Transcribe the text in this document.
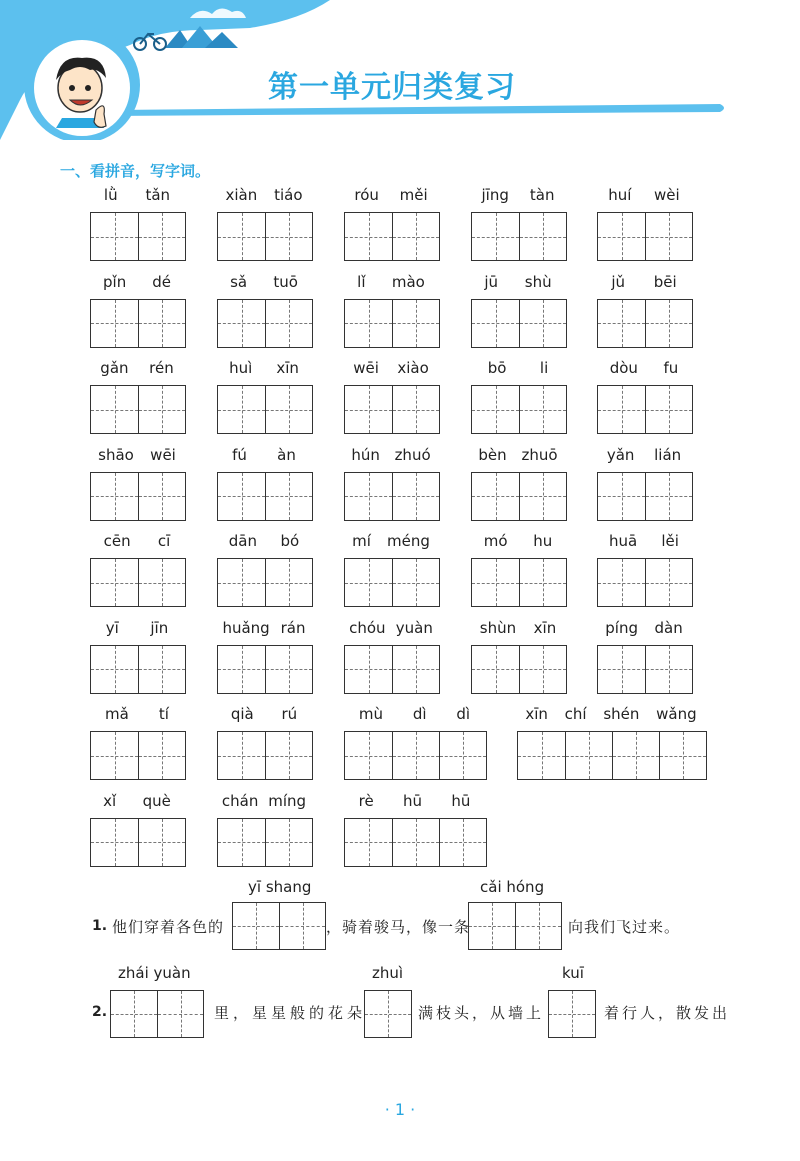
第一单元归类复习
一、看拼音，写字词。
lǜ tǎn	xiàn tiáo	róu měi	jīng tàn	huí wèi
pǐn dé	sǎ tuō	lǐ mào	jū shù	jǔ bēi
gǎn rén	huì xīn	wēi xiào	bō li	dòu fu
shāo wēi	fú àn	hún zhuó	bèn zhuō	yǎn lián
cēn cī	dān bó	mí méng	mó hu	huā lěi
yī jīn	huǎng rán	chóu yuàn	shùn xīn	píng dàn
mǎ tí	qià rú	mù dì dì	xīn chí shén wǎng
xǐ què	chán míng	rè hū hū
yī shang	cǎi hóng
1. 他们穿着各色的	，骑着骏马，像一条	向我们飞过来。
zhái yuàn	zhuì	kuī
2.	里，星星般的花朵	满枝头，从墙上	着行人，散发出
· 1 ·
